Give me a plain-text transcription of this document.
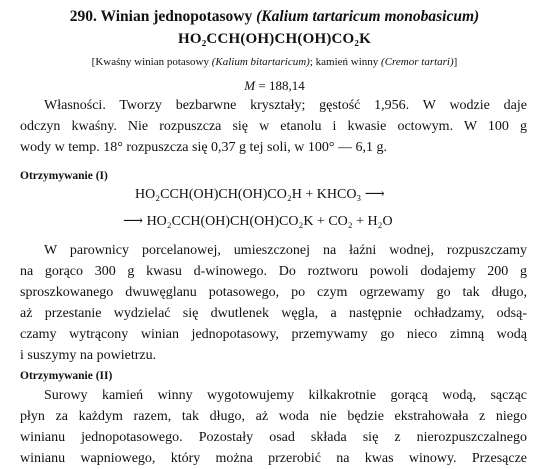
290. Winian jednopotasowy (Kalium tartaricum monobasicum)
HO₂CCH(OH)CH(OH)CO₂K
[Kwaśny winian potasowy (Kalium bitartaricum); kamień winny (Cremor tartari)]
M = 188,14
Własności. Tworzy bezbarwne kryształy; gęstość 1,956. W wodzie daje
odczyn kwaśny. Nie rozpuszcza się w etanolu i kwasie octowym. W 100 g
wody w temp. 18° rozpuszcza się 0,37 g tej soli, w 100° — 6,1 g.
Otrzymywanie (I)
HO₂CCH(OH)CH(OH)CO₂H + KHCO₃ ⟶
⟶ HO₂CCH(OH)CH(OH)CO₂K + CO₂ + H₂O
W parownicy porcelanowej, umieszczonej na łaźni wodnej, rozpuszczamy
na gorąco 300 g kwasu d-winowego. Do roztworu powoli dodajemy 200 g
sproszkowanego dwuwęglanu potasowego, po czym ogrzewamy go tak długo,
aż przestanie wydzielać się dwutlenek węgla, a następnie ochładzamy, odsą-
czamy wytrącony winian jednopotasowy, przemywamy go nieco zimną wodą
i suszymy na powietrzu.
Otrzymywanie (II)
Surowy kamień winny wygotowujemy kilkakrotnie gorącą wodą, sącząc
płyn za każdym razem, tak długo, aż woda nie będzie ekstrahowała z niego
winianu jednopotasowego. Pozostały osad składa się z nierozpuszczalnego
winianu wapniowego, który można przerobić na kwas winowy. Przesącze
